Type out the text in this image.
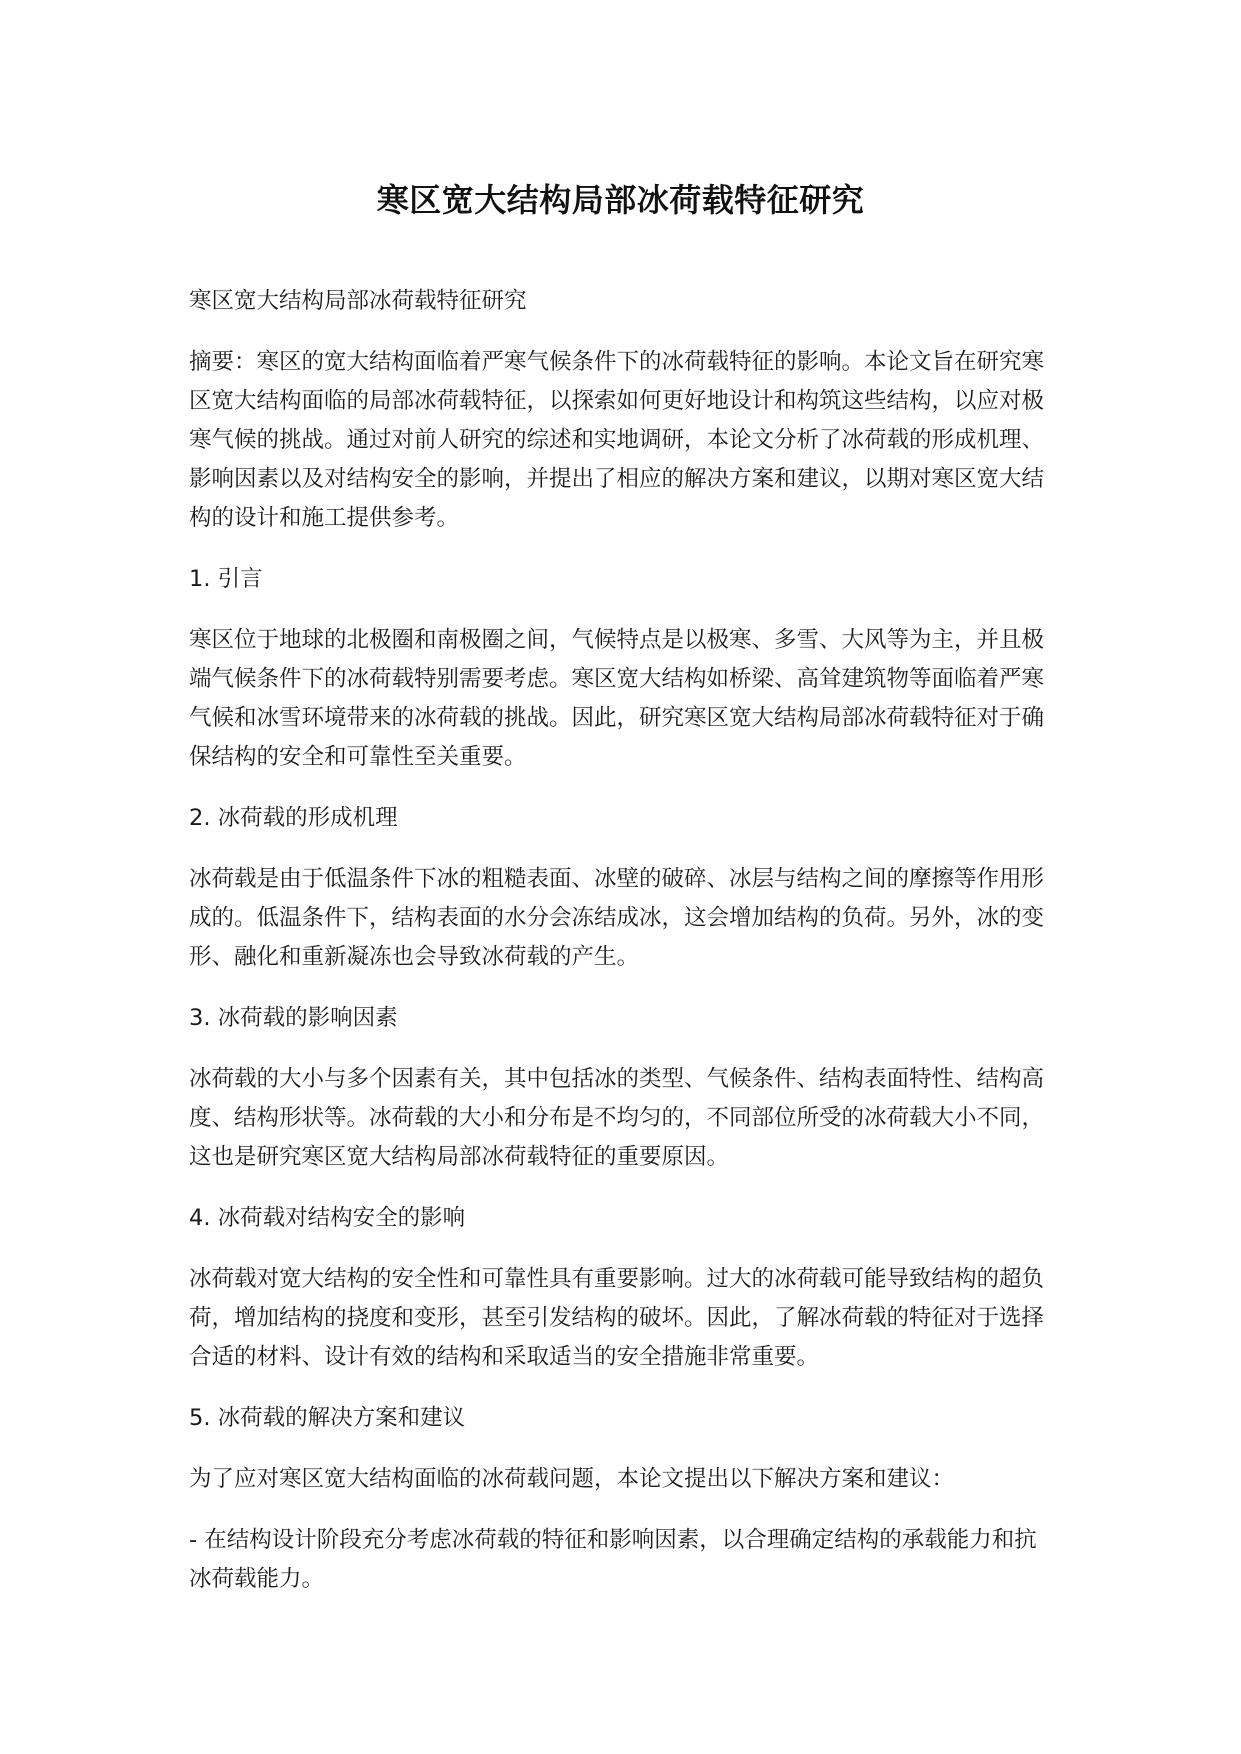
寒区宽大结构局部冰荷载特征研究

寒区宽大结构局部冰荷载特征研究

摘要：寒区的宽大结构面临着严寒气候条件下的冰荷载特征的影响。本论文旨在研究寒区宽大结构面临的局部冰荷载特征，以探索如何更好地设计和构筑这些结构，以应对极寒气候的挑战。通过对前人研究的综述和实地调研，本论文分析了冰荷载的形成机理、影响因素以及对结构安全的影响，并提出了相应的解决方案和建议，以期对寒区宽大结构的设计和施工提供参考。

1. 引言

寒区位于地球的北极圈和南极圈之间，气候特点是以极寒、多雪、大风等为主，并且极端气候条件下的冰荷载特别需要考虑。寒区宽大结构如桥梁、高耸建筑物等面临着严寒气候和冰雪环境带来的冰荷载的挑战。因此，研究寒区宽大结构局部冰荷载特征对于确保结构的安全和可靠性至关重要。

2. 冰荷载的形成机理

冰荷载是由于低温条件下冰的粗糙表面、冰壁的破碎、冰层与结构之间的摩擦等作用形成的。低温条件下，结构表面的水分会冻结成冰，这会增加结构的负荷。另外，冰的变形、融化和重新凝冻也会导致冰荷载的产生。

3. 冰荷载的影响因素

冰荷载的大小与多个因素有关，其中包括冰的类型、气候条件、结构表面特性、结构高度、结构形状等。冰荷载的大小和分布是不均匀的，不同部位所受的冰荷载大小不同，这也是研究寒区宽大结构局部冰荷载特征的重要原因。

4. 冰荷载对结构安全的影响

冰荷载对宽大结构的安全性和可靠性具有重要影响。过大的冰荷载可能导致结构的超负荷，增加结构的挠度和变形，甚至引发结构的破坏。因此，了解冰荷载的特征对于选择合适的材料、设计有效的结构和采取适当的安全措施非常重要。

5. 冰荷载的解决方案和建议

为了应对寒区宽大结构面临的冰荷载问题，本论文提出以下解决方案和建议：

- 在结构设计阶段充分考虑冰荷载的特征和影响因素，以合理确定结构的承载能力和抗冰荷载能力。
